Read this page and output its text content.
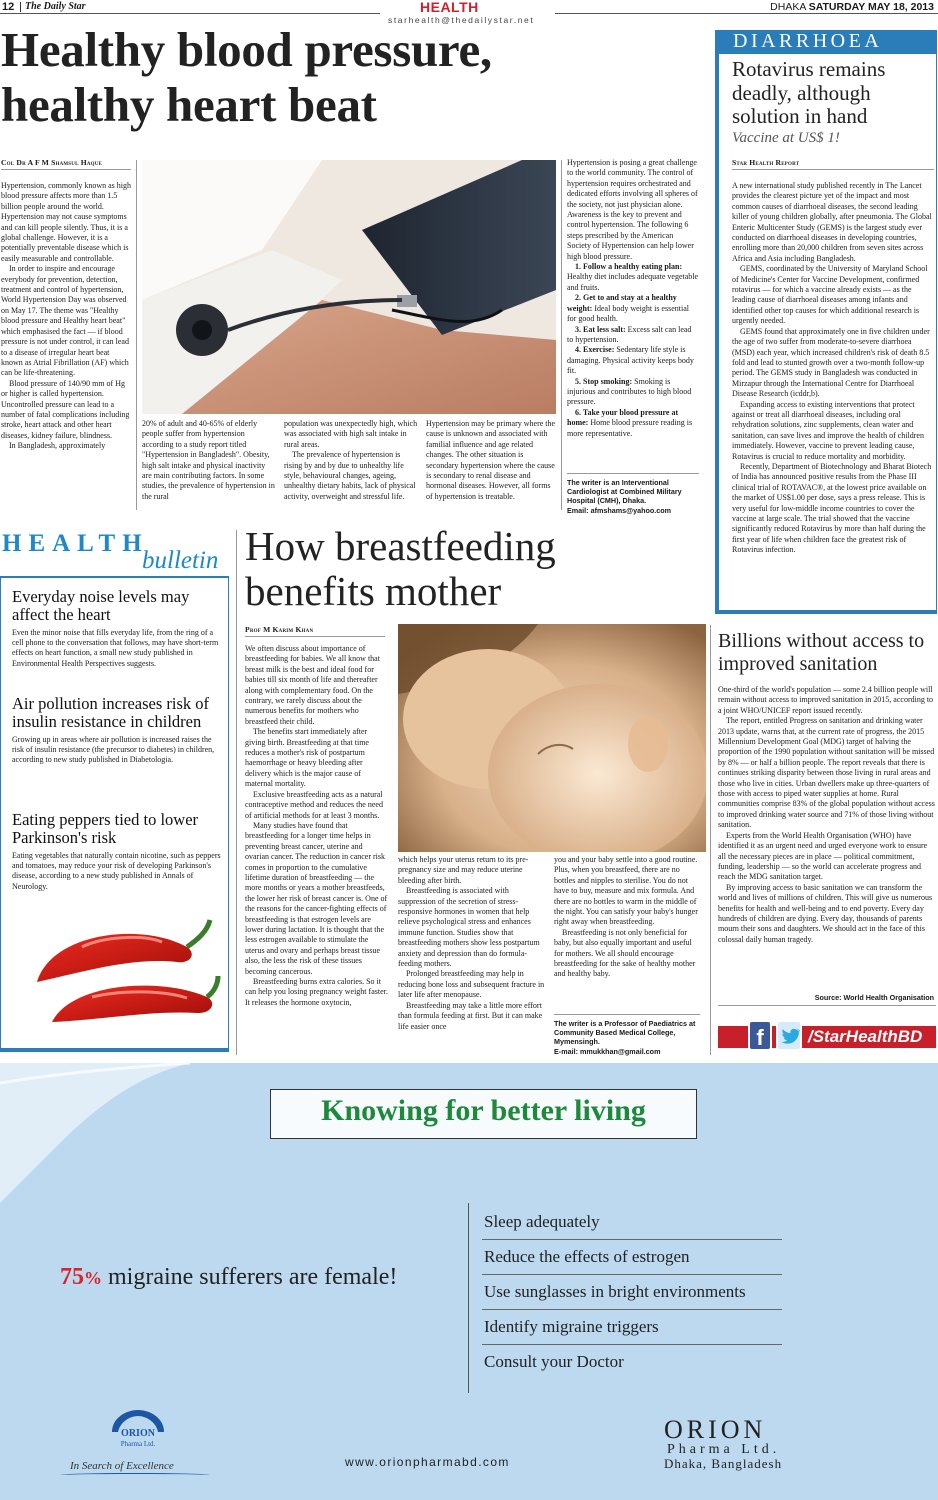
12 The Daily Star	HEALTH
starhealth@thedailystar.net
DHAKA SATURDAY MAY 18, 2013
Healthy blood pressure,
healthy heart beat
Col Dr A F M Shamsul Haque

Hypertension, commonly known as high blood pressure affects more than 1.5 billion people around the world. Hypertension may not cause symptoms and can kill people silently. Thus, it is a global challenge. However, it is a potentially preventable disease which is easily measurable and controllable.

In order to inspire and encourage everybody for prevention, detection, treatment and control of hypertension, World Hypertension Day was observed on May 17. The theme was "Healthy blood pressure and Healthy heart beat" which emphasised the fact — if blood pressure is not under control, it can lead to a disease of irregular heart beat known as Atrial Fibrillation (AF) which can be life-threatening.

Blood pressure of 140/90 mm of Hg or higher is called hypertension. Uncontrolled pressure can lead to a number of fatal complications including stroke, heart attack and other heart diseases, kidney failure, blindness.

In Bangladesh, approximately

20% of adult and 40-65% of elderly people suffer from hypertension according to a study report titled "Hypertension in Bangladesh". Obesity, high salt intake and physical inactivity are main contributing factors. In some studies, the prevalence of hypertension in the rural

population was unexpectedly high, which was associated with high salt intake in rural areas.

The prevalence of hypertension is rising by and by due to unhealthy life style, behavioural changes, ageing, unhealthy dietary habits, lack of physical activity, overweight and stressful life.

Hypertension may be primary where the cause is unknown and associated with familial influence and age related changes. The other situation is secondary hypertension where the cause is secondary to renal disease and hormonal diseases. However, all forms of hypertension is treatable.

Hypertension is posing a great challenge to the world community. The control of hypertension requires orchestrated and dedicated efforts involving all spheres of the society, not just physician alone. Awareness is the key to prevent and control hypertension. The following 6 steps prescribed by the American Society of Hypertension can help lower high blood pressure.

1. Follow a healthy eating plan: Healthy diet includes adequate vegetable and fruits.

2. Get to and stay at a healthy weight: Ideal body weight is essential for good health.

3. Eat less salt: Excess salt can lead to hypertension.

4. Exercise: Sedentary life style is damaging. Physical activity keeps body fit.

5. Stop smoking: Smoking is injurious and contributes to high blood pressure.

6. Take your blood pressure at home: Home blood pressure reading is more representative.

The writer is an Interventional Cardiologist at Combined Military Hospital (CMH), Dhaka.
Email: afmshams@yahoo.com
DIARRHOEA
Rotavirus remains deadly, although solution in hand
Vaccine at US$ 1!
Star Health Report

A new international study published recently in The Lancet provides the clearest picture yet of the impact and most common causes of diarrhoeal diseases, the second leading killer of young children globally, after pneumonia. The Global Enteric Multicenter Study (GEMS) is the largest study ever conducted on diarrhoeal diseases in developing countries, enrolling more than 20,000 children from seven sites across Africa and Asia including Bangladesh.

GEMS, coordinated by the University of Maryland School of Medicine's Center for Vaccine Development, confirmed rotavirus — for which a vaccine already exists — as the leading cause of diarrhoeal diseases among infants and identified other top causes for which additional research is urgently needed.

GEMS found that approximately one in five children under the age of two suffer from moderate-to-severe diarrhoea (MSD) each year, which increased children's risk of death 8.5 fold and lead to stunted growth over a two-month follow-up period. The GEMS study in Bangladesh was conducted in Mirzapur through the International Centre for Diarrhoeal Disease Research (icddr,b).

Expanding access to existing interventions that protect against or treat all diarrhoeal diseases, including oral rehydration solutions, zinc supplements, clean water and sanitation, can save lives and improve the health of children immediately. However, vaccine to prevent leading cause, Rotavirus is crucial to reduce mortality and morbidity.

Recently, Department of Biotechnology and Bharat Biotech of India has announced positive results from the Phase III clinical trial of ROTAVAC®, at the lowest price available on the market of US$1.00 per dose, says a press release. This is very useful for low-middle income countries to cover the vaccine at large scale. The trial showed that the vaccine significantly reduced Rotavirus by more than half during the first year of life when children face the greatest risk of Rotavirus infection.

Billions without access to improved sanitation

One-third of the world's population — some 2.4 billion people will remain without access to improved sanitation in 2015, according to a joint WHO/UNICEF report issued recently.

The report, entitled Progress on sanitation and drinking water 2013 update, warns that, at the current rate of progress, the 2015 Millennium Development Goal (MDG) target of halving the proportion of the 1990 population without sanitation will be missed by 8% — or half a billion people. The report reveals that there is continues striking disparity between those living in rural areas and those who live in cities. Urban dwellers make up three-quarters of those with access to piped water supplies at home. Rural communities comprise 83% of the global population without access to improved drinking water source and 71% of those living without sanitation.

Experts from the World Health Organisation (WHO) have identified it as an urgent need and urged everyone work to ensure all the necessary pieces are in place — political commitment, funding, leadership — so the world can accelerate progress and reach the MDG sanitation target.

By improving access to basic sanitation we can transform the world and lives of millions of children. This will give us numerous benefits for health and well-being and to end poverty. Every day hundreds of children are dying. Every day, thousands of parents mourn their sons and daughters. We should act in the face of this colossal daily human tragedy.

Source: World Health Organisation
f	/StarHealthBD
HEALTH
bulletin
Everyday noise levels may affect the heart
Even the minor noise that fills everyday life, from the ring of a cell phone to the conversation that follows, may have short-term effects on heart function, a small new study published in Environmental Health Perspectives suggests.
Air pollution increases risk of insulin resistance in children
Growing up in areas where air pollution is increased raises the risk of insulin resistance (the precursor to diabetes) in children, according to new study published in Diabetologia.
Eating peppers tied to lower Parkinson's risk
Eating vegetables that naturally contain nicotine, such as peppers and tomatoes, may reduce your risk of developing Parkinson's disease, according to a new study published in Annals of Neurology.
How breastfeeding
benefits mother
Prof M Karim Khan

We often discuss about importance of breastfeeding for babies. We all know that breast milk is the best and ideal food for babies till six month of life and thereafter along with complementary food. On the contrary, we rarely discuss about the numerous benefits for mothers who breastfeed their child.

The benefits start immediately after giving birth. Breastfeeding at that time reduces a mother's risk of postpartum haemorrhage or heavy bleeding after delivery which is the major cause of maternal mortality.

Exclusive breastfeeding acts as a natural contraceptive method and reduces the need of artificial methods for at least 3 months.

Many studies have found that breastfeeding for a longer time helps in preventing breast cancer, uterine and ovarian cancer. The reduction in cancer risk comes in proportion to the cumulative lifetime duration of breastfeeding — the more months or years a mother breastfeeds, the lower her risk of breast cancer is. One of the reasons for the cancer-fighting effects of breastfeeding is that estrogen levels are lower during lactation. It is thought that the less estrogen available to stimulate the uterus and ovary and perhaps breast tissue also, the less the risk of these tissues becoming cancerous.

Breastfeeding burns extra calories. So it can help you losing pregnancy weight faster. It releases the hormone oxytocin,

which helps your uterus return to its pre-pregnancy size and may reduce uterine bleeding after birth.

Breastfeeding is associated with suppression of the secretion of stress-responsive hormones in women that help relieve psychological stress and enhances immune function. Studies show that breastfeeding mothers show less postpartum anxiety and depression than do formula-feeding mothers.

Prolonged breastfeeding may help in reducing bone loss and subsequent fracture in later life after menopause.

Breastfeeding may take a little more effort than formula feeding at first. But it can make life easier once

you and your baby settle into a good routine. Plus, when you breastfeed, there are no bottles and nipples to sterilise. You do not have to buy, measure and mix formula. And there are no bottles to warm in the middle of the night. You can satisfy your baby's hunger right away when breastfeeding.

Breastfeeding is not only beneficial for baby, but also equally important and useful for mothers. We all should encourage breastfeeding for the sake of healthy mother and healthy baby.

The writer is a Professor of Paediatrics at Community Based Medical College, Mymensingh.
E-mail: mmukkhan@gmail.com
Knowing for better living
75% migraine sufferers are female!
Sleep adequately
Reduce the effects of estrogen
Use sunglasses in bright environments
Identify migraine triggers
Consult your Doctor
ORION
Pharma Ltd.
In Search of Excellence	www.orionpharmabd.com
ORION
Pharma Ltd.
Dhaka, Bangladesh
